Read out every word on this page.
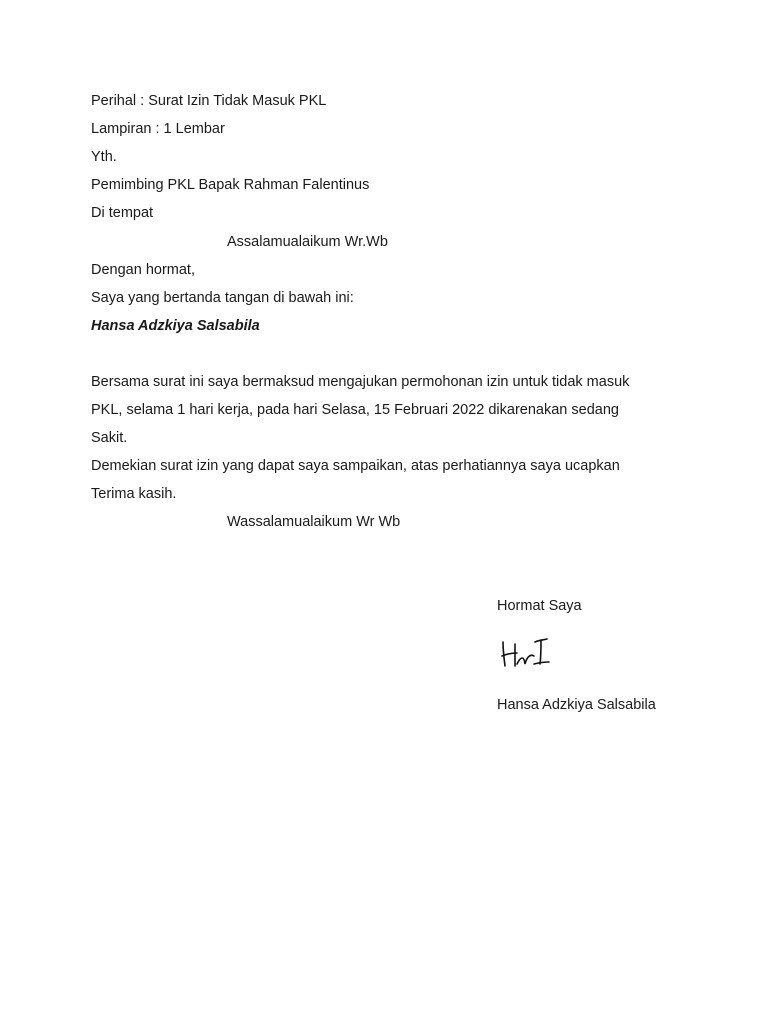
Perihal : Surat Izin Tidak Masuk PKL
Lampiran : 1 Lembar
Yth.
Pemimbing PKL Bapak Rahman Falentinus
Di tempat
Assalamualaikum Wr.Wb
Dengan hormat,
Saya yang bertanda tangan di bawah ini:
Hansa Adzkiya Salsabila
Bersama surat ini saya bermaksud mengajukan permohonan izin untuk tidak masuk
PKL, selama 1 hari kerja, pada hari Selasa, 15 Februari 2022 dikarenakan sedang
Sakit.
Demekian surat izin yang dapat saya sampaikan, atas perhatiannya saya ucapkan
Terima kasih.
Wassalamualaikum Wr Wb
Hormat Saya
Hansa Adzkiya Salsabila
